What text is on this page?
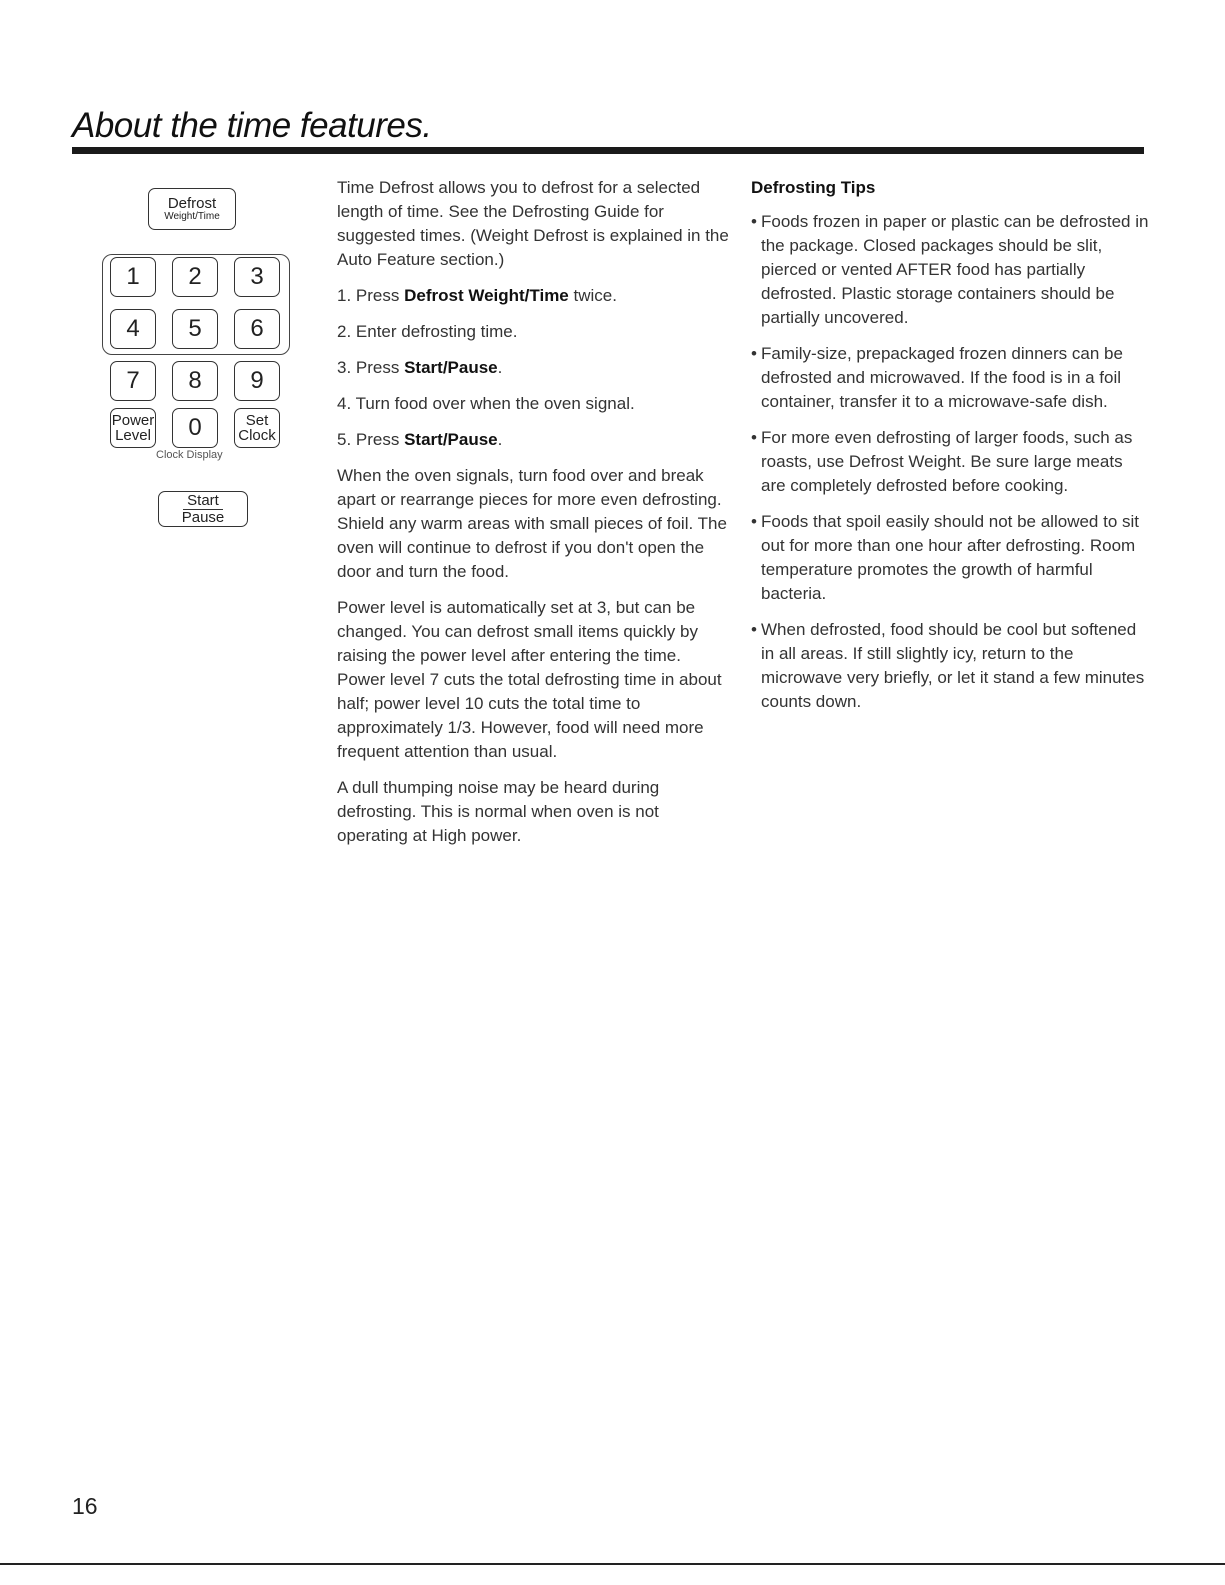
About the time features.
Defrost
Weight/Time
1 2 3
4 5 6
7 8 9
Power
Level 0	Set
Clock
Clock Display
Start
Pause

Time Defrost allows you to defrost for a selected length of time. See the Defrosting Guide for suggested times. (Weight Defrost is explained in the Auto Feature section.)

1. Press Defrost Weight/Time twice.

2. Enter defrosting time.

3. Press Start/Pause.

4. Turn food over when the oven signal.

5. Press Start/Pause.

When the oven signals, turn food over and break apart or rearrange pieces for more even defrosting. Shield any warm areas with small pieces of foil. The oven will continue to defrost if you don't open the door and turn the food.

Power level is automatically set at 3, but can be changed. You can defrost small items quickly by raising the power level after entering the time. Power level 7 cuts the total defrosting time in about half; power level 10 cuts the total time to approximately 1/3. However, food will need more frequent attention than usual.

A dull thumping noise may be heard during defrosting. This is normal when oven is not operating at High power.

Defrosting Tips
• Foods frozen in paper or plastic can be defrosted in the package. Closed packages should be slit, pierced or vented AFTER food has partially defrosted. Plastic storage containers should be partially uncovered.
• Family-size, prepackaged frozen dinners can be defrosted and microwaved. If the food is in a foil container, transfer it to a microwave-safe dish.
• For more even defrosting of larger foods, such as roasts, use Defrost Weight. Be sure large meats are completely defrosted before cooking.
• Foods that spoil easily should not be allowed to sit out for more than one hour after defrosting. Room temperature promotes the growth of harmful bacteria.
• When defrosted, food should be cool but softened in all areas. If still slightly icy, return to the microwave very briefly, or let it stand a few minutes counts down.
16
